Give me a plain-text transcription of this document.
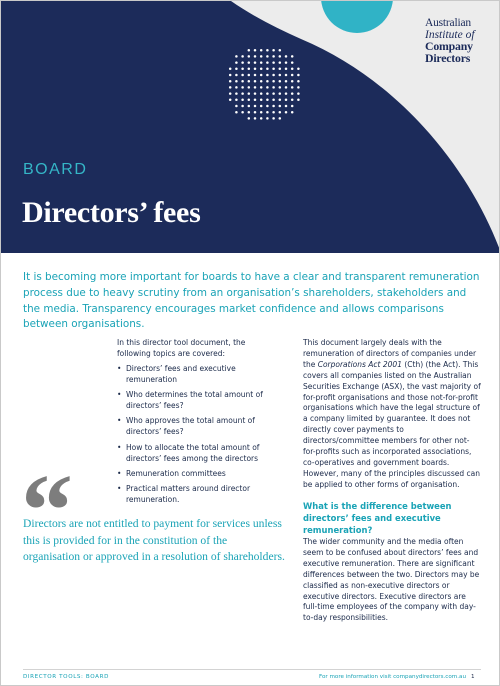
Australian
Institute of
Company
Directors
BOARD
Directors’ fees

It is becoming more important for boards to have a clear and transparent remuneration process due to heavy scrutiny from an organisation’s shareholders, stakeholders and the media. Transparency encourages market confidence and allows comparisons between organisations.

In this director tool document, the following topics are covered:

• Directors’ fees and executive remuneration
• Who determines the total amount of directors’ fees?
• Who approves the total amount of directors’ fees?
• How to allocate the total amount of directors’ fees among the directors
• Remuneration committees
• Practical matters around director remuneration.

This document largely deals with the remuneration of directors of companies under the Corporations Act 2001 (Cth) (the Act). This covers all companies listed on the Australian Securities Exchange (ASX), the vast majority of for-profit organisations and those not-for-profit organisations which have the legal structure of a company limited by guarantee. It does not directly cover payments to directors/committee members for other not-for-profits such as incorporated associations, co-operatives and government boards. However, many of the principles discussed can be applied to other forms of organisation.

What is the difference between directors’ fees and executive remuneration?

The wider community and the media often seem to be confused about directors’ fees and executive remuneration. There are significant differences between the two. Directors may be classified as non-executive directors or executive directors. Executive directors are full-time employees of the company with day-to-day responsibilities.

“

Directors are not entitled to payment for services unless this is provided for in the constitution of the organisation or approved in a resolution of shareholders.

DIRECTOR TOOLS: BOARD	For more information visit companydirectors.com.au 1
